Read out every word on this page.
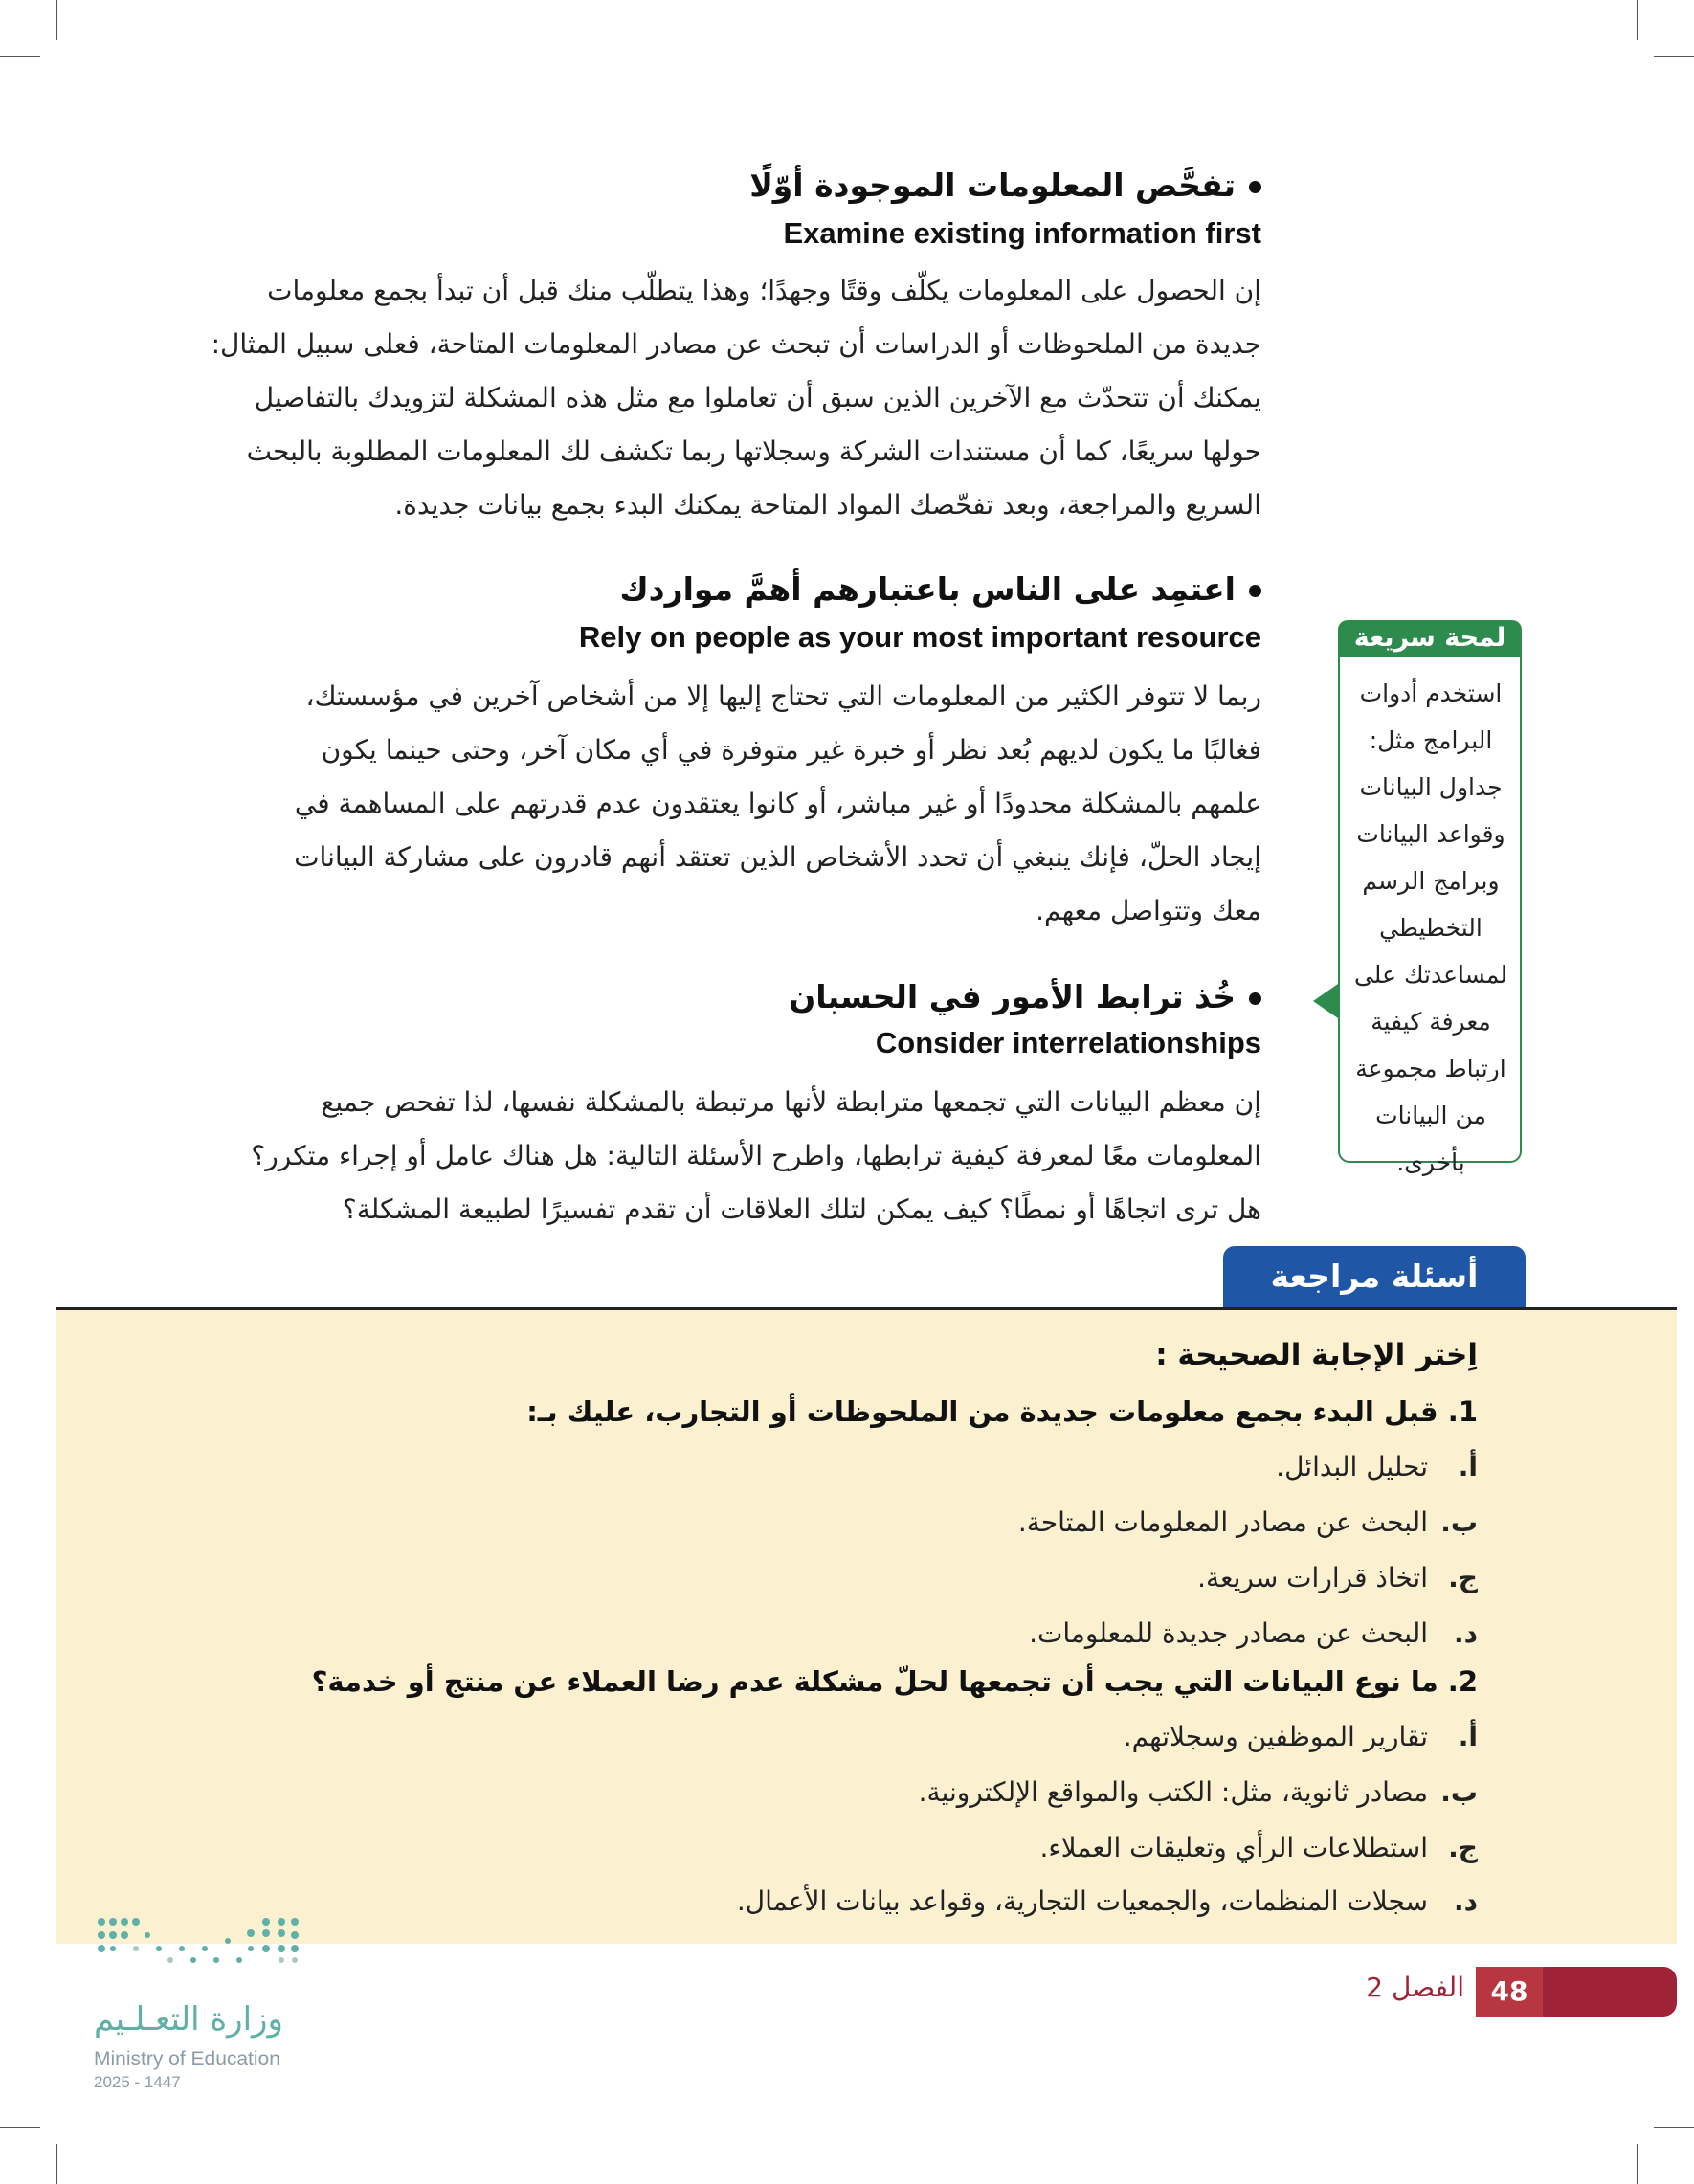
تفحَّص المعلومات الموجودة أوّلًا
Examine existing information first
إن الحصول على المعلومات يكلّف وقتًا وجهدًا؛ وهذا يتطلّب منك قبل أن تبدأ بجمع معلومات
جديدة من الملحوظات أو الدراسات أن تبحث عن مصادر المعلومات المتاحة، فعلى سبيل المثال:
يمكنك أن تتحدّث مع الآخرين الذين سبق أن تعاملوا مع مثل هذه المشكلة لتزويدك بالتفاصيل
حولها سريعًا، كما أن مستندات الشركة وسجلاتها ربما تكشف لك المعلومات المطلوبة بالبحث
السريع والمراجعة، وبعد تفحّصك المواد المتاحة يمكنك البدء بجمع بيانات جديدة.
اعتمِد على الناس باعتبارهم أهمَّ مواردك
Rely on people as your most important resource
ربما لا تتوفر الكثير من المعلومات التي تحتاج إليها إلا من أشخاص آخرين في مؤسستك،
فغالبًا ما يكون لديهم بُعد نظر أو خبرة غير متوفرة في أي مكان آخر، وحتى حينما يكون
علمهم بالمشكلة محدودًا أو غير مباشر، أو كانوا يعتقدون عدم قدرتهم على المساهمة في
إيجاد الحلّ، فإنك ينبغي أن تحدد الأشخاص الذين تعتقد أنهم قادرون على مشاركة البيانات
معك وتتواصل معهم.
خُذ ترابط الأمور في الحسبان
Consider interrelationships
إن معظم البيانات التي تجمعها مترابطة لأنها مرتبطة بالمشكلة نفسها، لذا تفحص جميع
المعلومات معًا لمعرفة كيفية ترابطها، واطرح الأسئلة التالية: هل هناك عامل أو إجراء متكرر؟
هل ترى اتجاهًا أو نمطًا؟ كيف يمكن لتلك العلاقات أن تقدم تفسيرًا لطبيعة المشكلة؟
لمحة سريعة
استخدم أدوات
البرامج مثل:
جداول البيانات
وقواعد البيانات
وبرامج الرسم
التخطيطي
لمساعدتك على
معرفة كيفية
ارتباط مجموعة
من البيانات
بأخرى.
أسئلة مراجعة
اِختر الإجابة الصحيحة :
1. قبل البدء بجمع معلومات جديدة من الملحوظات أو التجارب، عليك بـ:
أ.تحليل البدائل.
ب.البحث عن مصادر المعلومات المتاحة.
ج.اتخاذ قرارات سريعة.
د.البحث عن مصادر جديدة للمعلومات.
2. ما نوع البيانات التي يجب أن تجمعها لحلّ مشكلة عدم رضا العملاء عن منتج أو خدمة؟
أ.تقارير الموظفين وسجلاتهم.
ب.مصادر ثانوية، مثل: الكتب والمواقع الإلكترونية.
ج.استطلاعات الرأي وتعليقات العملاء.
د.سجلات المنظمات، والجمعيات التجارية، وقواعد بيانات الأعمال.
48
الفصل 2
وزارة التعـلـيم
Ministry of Education
2025 - 1447
